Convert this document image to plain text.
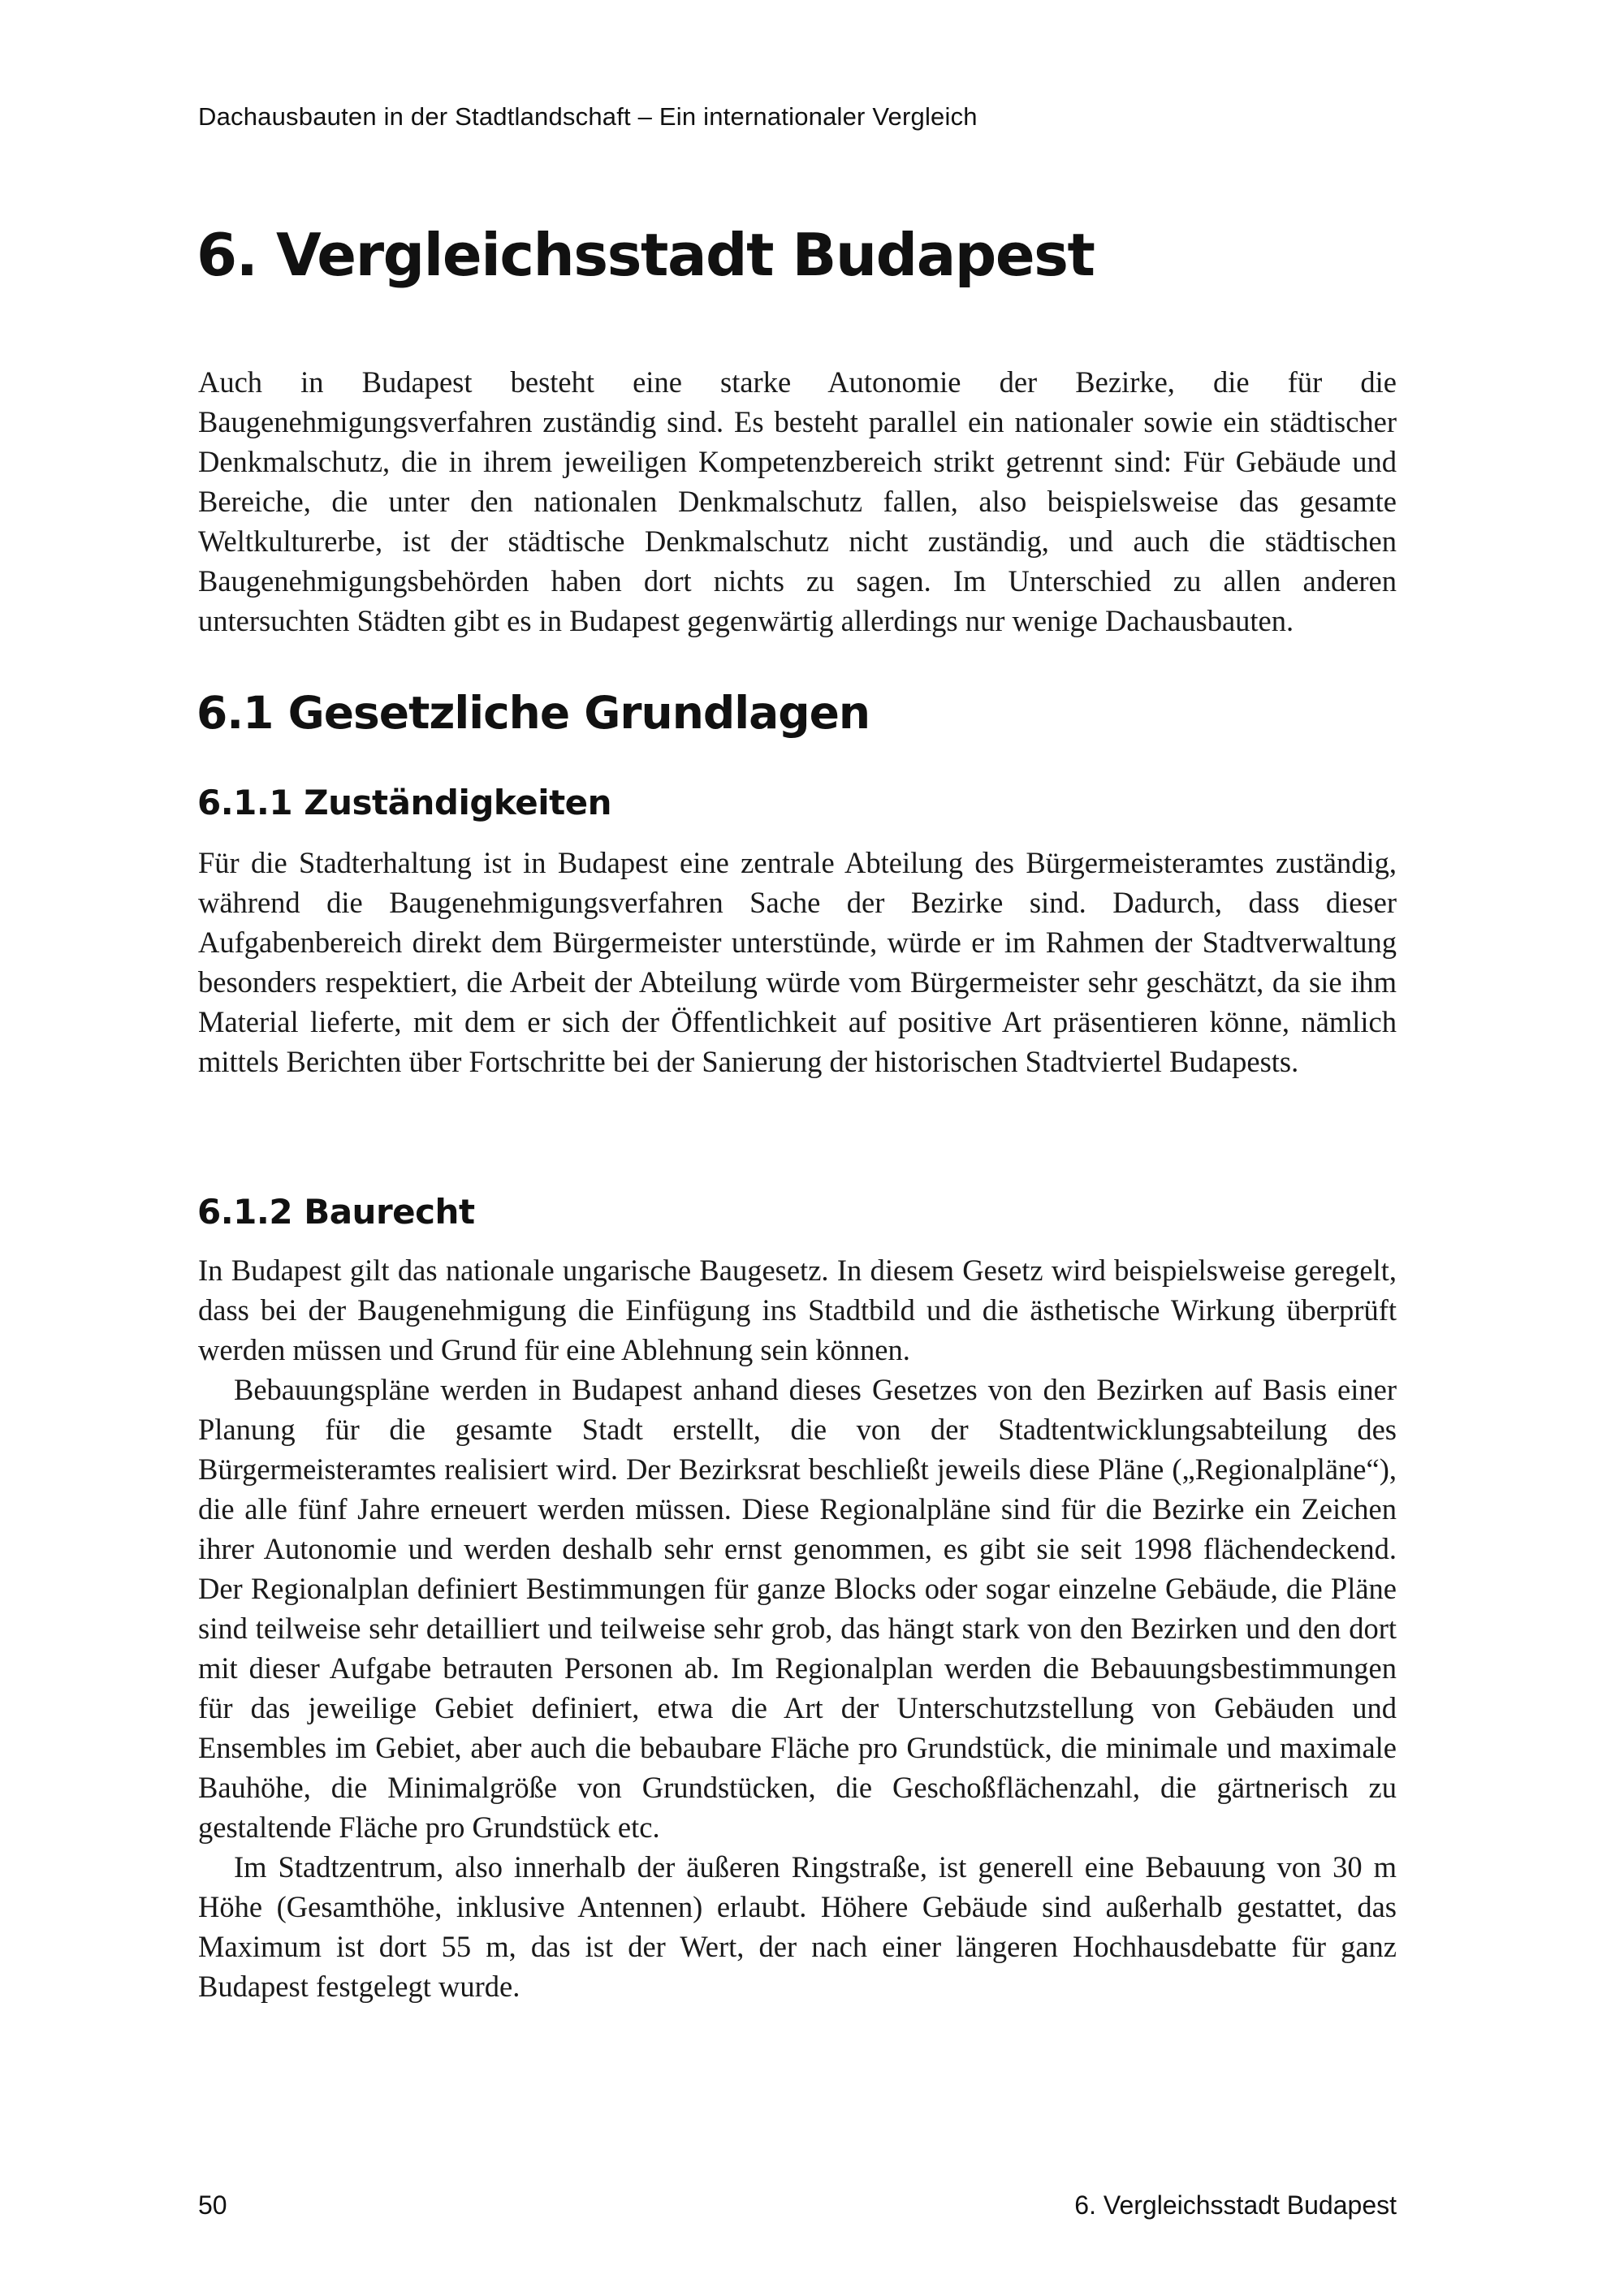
Dachausbauten in der Stadtlandschaft – Ein internationaler Vergleich
6. Vergleichsstadt Budapest

Auch in Budapest besteht eine starke Autonomie der Bezirke, die für die Baugenehmigungsverfahren zuständig sind. Es besteht parallel ein nationaler sowie ein städtischer Denkmalschutz, die in ihrem jeweiligen Kompetenzbereich strikt getrennt sind: Für Gebäude und Bereiche, die unter den nationalen Denkmalschutz fallen, also beispielsweise das gesamte Weltkulturerbe, ist der städtische Denkmalschutz nicht zuständig, und auch die städtischen Baugenehmigungsbehörden haben dort nichts zu sagen. Im Unterschied zu allen anderen untersuchten Städten gibt es in Budapest gegenwärtig allerdings nur wenige Dachausbauten.

6.1 Gesetzliche Grundlagen
6.1.1 Zuständigkeiten

Für die Stadterhaltung ist in Budapest eine zentrale Abteilung des Bürgermeisteramtes zuständig, während die Baugenehmigungsverfahren Sache der Bezirke sind. Dadurch, dass dieser Aufgabenbereich direkt dem Bürgermeister unterstünde, würde er im Rahmen der Stadtverwaltung besonders respektiert, die Arbeit der Abteilung würde vom Bürgermeister sehr geschätzt, da sie ihm Material lieferte, mit dem er sich der Öffentlichkeit auf positive Art präsentieren könne, nämlich mittels Berichten über Fortschritte bei der Sanierung der historischen Stadtviertel Budapests.

6.1.2 Baurecht

In Budapest gilt das nationale ungarische Baugesetz. In diesem Gesetz wird beispielsweise geregelt, dass bei der Baugenehmigung die Einfügung ins Stadtbild und die ästhetische Wirkung überprüft werden müssen und Grund für eine Ablehnung sein können.

Bebauungspläne werden in Budapest anhand dieses Gesetzes von den Bezirken auf Basis einer Planung für die gesamte Stadt erstellt, die von der Stadtentwicklungsabteilung des Bürgermeisteramtes realisiert wird. Der Bezirksrat beschließt jeweils diese Pläne („Regionalpläne“), die alle fünf Jahre erneuert werden müssen. Diese Regionalpläne sind für die Bezirke ein Zeichen ihrer Autonomie und werden deshalb sehr ernst genommen, es gibt sie seit 1998 flächendeckend. Der Regionalplan definiert Bestimmungen für ganze Blocks oder sogar einzelne Gebäude, die Pläne sind teilweise sehr detailliert und teilweise sehr grob, das hängt stark von den Bezirken und den dort mit dieser Aufgabe betrauten Personen ab. Im Regionalplan werden die Bebauungsbestimmungen für das jeweilige Gebiet definiert, etwa die Art der Unterschutzstellung von Gebäuden und Ensembles im Gebiet, aber auch die bebaubare Fläche pro Grundstück, die minimale und maximale Bauhöhe, die Minimalgröße von Grundstücken, die Geschoßflächenzahl, die gärtnerisch zu gestaltende Fläche pro Grundstück etc.

Im Stadtzentrum, also innerhalb der äußeren Ringstraße, ist generell eine Bebauung von 30 m Höhe (Gesamthöhe, inklusive Antennen) erlaubt. Höhere Gebäude sind außerhalb gestattet, das Maximum ist dort 55 m, das ist der Wert, der nach einer längeren Hochhausdebatte für ganz Budapest festgelegt wurde.

50	6. Vergleichsstadt Budapest
